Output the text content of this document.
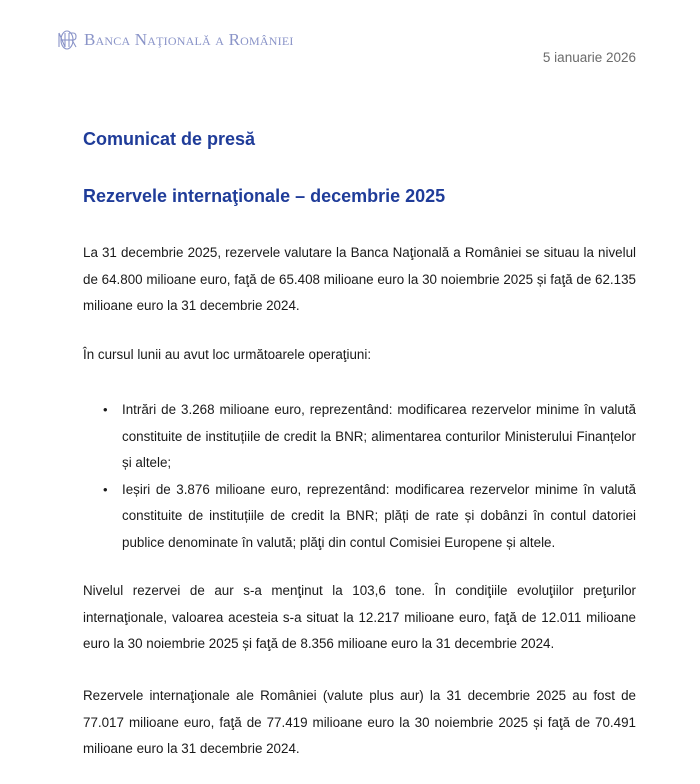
Banca Naţională a României
5 ianuarie 2026
Comunicat de presă
Rezervele internaţionale – decembrie 2025

La 31 decembrie 2025, rezervele valutare la Banca Naţională a României se situau la nivelul de 64.800 milioane euro, faţă de 65.408 milioane euro la 30 noiembrie 2025 și faţă de 62.135 milioane euro la 31 decembrie 2024.

În cursul lunii au avut loc următoarele operaţiuni:

• Intrări de 3.268 milioane euro, reprezentând: modificarea rezervelor minime în valută constituite de instituțiile de credit la BNR; alimentarea conturilor Ministerului Finanțelor și altele;
• Ieșiri de 3.876 milioane euro, reprezentând: modificarea rezervelor minime în valută constituite de instituțiile de credit la BNR; plăți de rate și dobânzi în contul datoriei publice denominate în valută; plăţi din contul Comisiei Europene și altele.

Nivelul rezervei de aur s-a menţinut la 103,6 tone. În condiţiile evoluţiilor preţurilor internaţionale, valoarea acesteia s-a situat la 12.217 milioane euro, faţă de 12.011 milioane euro la 30 noiembrie 2025 și faţă de 8.356 milioane euro la 31 decembrie 2024.

Rezervele internaţionale ale României (valute plus aur) la 31 decembrie 2025 au fost de 77.017 milioane euro, faţă de 77.419 milioane euro la 30 noiembrie 2025 și faţă de 70.491 milioane euro la 31 decembrie 2024.
